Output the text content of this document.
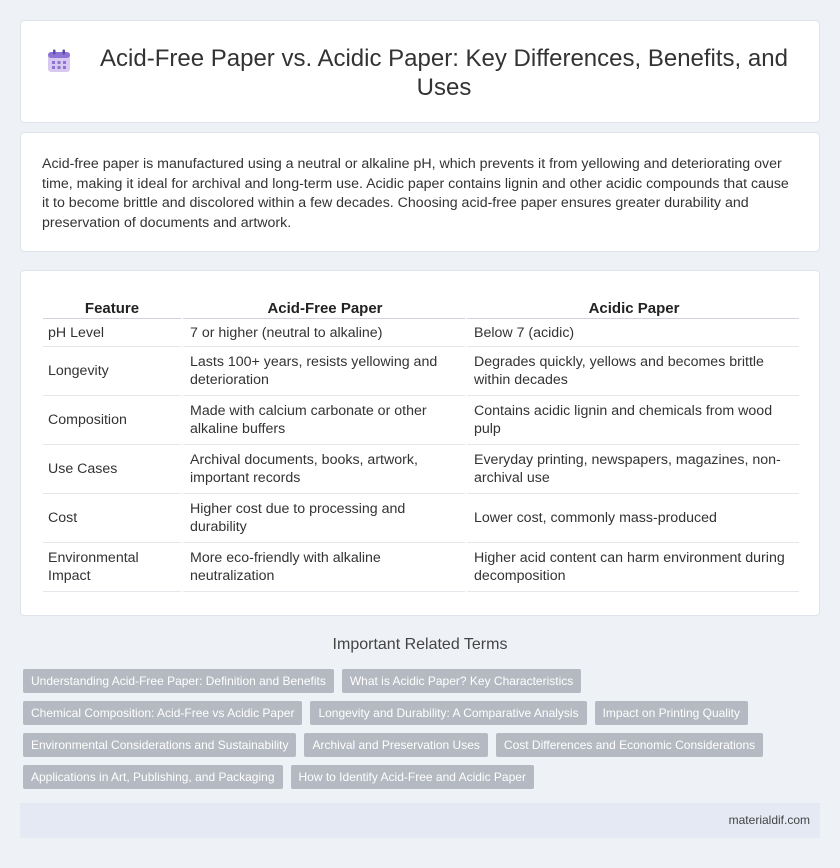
Acid-Free Paper vs. Acidic Paper: Key Differences, Benefits, and Uses

Acid-free paper is manufactured using a neutral or alkaline pH, which prevents it from yellowing and deteriorating over time, making it ideal for archival and long-term use. Acidic paper contains lignin and other acidic compounds that cause it to become brittle and discolored within a few decades. Choosing acid-free paper ensures greater durability and preservation of documents and artwork.

Feature	Acid-Free Paper	Acidic Paper
pH Level	7 or higher (neutral to alkaline)	Below 7 (acidic)
Longevity	Lasts 100+ years, resists yellowing and deterioration	Degrades quickly, yellows and becomes brittle within decades
Composition	Made with calcium carbonate or other alkaline buffers	Contains acidic lignin and chemicals from wood pulp
Use Cases	Archival documents, books, artwork, important records	Everyday printing, newspapers, magazines, non-archival use
Cost	Higher cost due to processing and durability	Lower cost, commonly mass-produced
Environmental Impact	More eco-friendly with alkaline neutralization	Higher acid content can harm environment during decomposition
Important Related Terms
Understanding Acid-Free Paper: Definition and Benefits	What is Acidic Paper? Key Characteristics
Chemical Composition: Acid-Free vs Acidic Paper	Longevity and Durability: A Comparative Analysis	Impact on Printing Quality
Environmental Considerations and Sustainability	Archival and Preservation Uses	Cost Differences and Economic Considerations
Applications in Art, Publishing, and Packaging	How to Identify Acid-Free and Acidic Paper
materialdif.com
